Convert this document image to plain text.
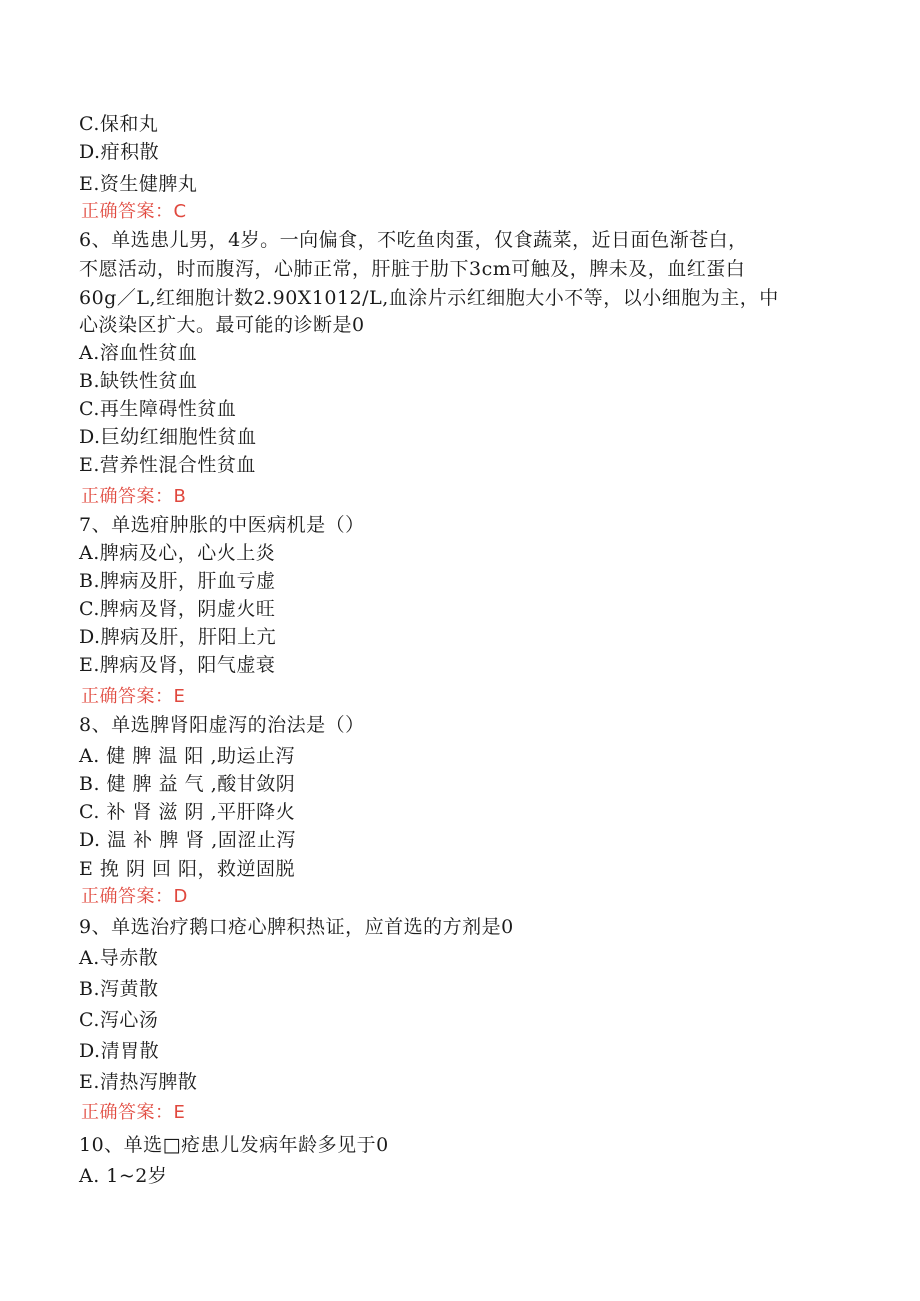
C.保和丸
D.疳积散
E.资生健脾丸
正确答案：C
6、单选患儿男，4岁。一向偏食，不吃鱼肉蛋，仅食蔬菜，近日面色渐苍白，
不愿活动，时而腹泻，心肺正常，肝脏于肋下3cm可触及，脾未及，血红蛋白
60g／L,红细胞计数2.90X1012/L,血涂片示红细胞大小不等，以小细胞为主，中
心淡染区扩大。最可能的诊断是0
A.溶血性贫血
B.缺铁性贫血
C.再生障碍性贫血
D.巨幼红细胞性贫血
E.营养性混合性贫血
正确答案：B
7、单选疳肿胀的中医病机是（）
A.脾病及心，心火上炎
B.脾病及肝，肝血亏虚
C.脾病及肾，阴虚火旺
D.脾病及肝，肝阳上亢
E.脾病及肾，阳气虚衰
正确答案：E
8、单选脾肾阳虚泻的治法是（）
A. 健 脾 温 阳 ,助运止泻
B. 健 脾 益 气 ,酸甘敛阴
C. 补 肾 滋 阴 ,平肝降火
D. 温 补 脾 肾 ,固涩止泻
E 挽 阴 回 阳，救逆固脱
正确答案：D
9、单选治疗鹅口疮心脾积热证，应首选的方剂是0
A.导赤散
B.泻黄散
C.泻心汤
D.清胃散
E.清热泻脾散
正确答案：E
10、单选□疮患儿发病年龄多见于0
A. 1~2岁
